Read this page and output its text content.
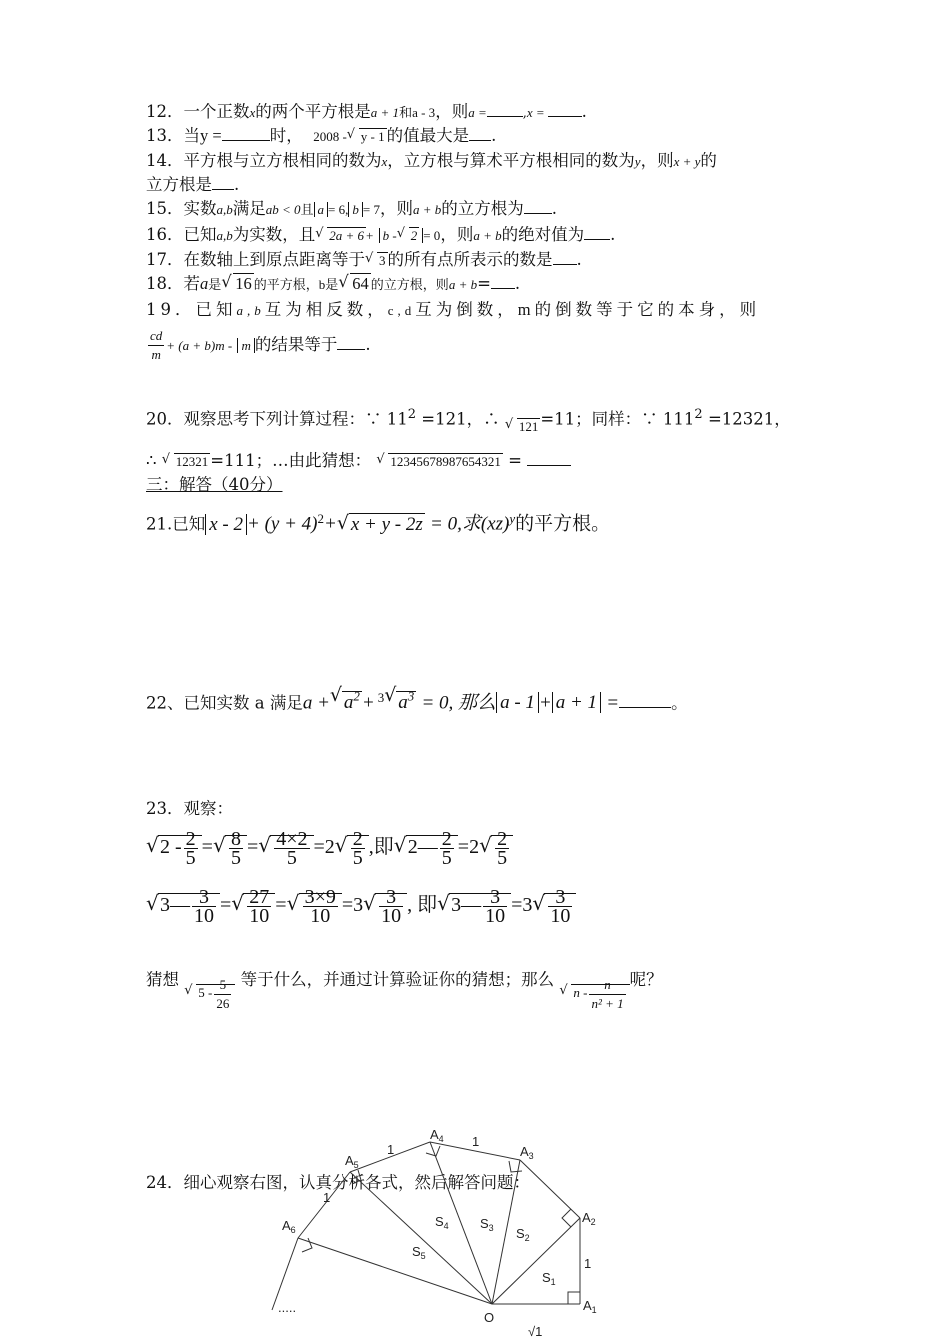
12．一个正数x的两个平方根是a + 1和a - 3，则a =	,x = .
13．当y =	时， 2008 -√ y - 1 的值最大是 .
14．平方根与立方根相同的数为x，立方根与算术平方根相同的数为y，则x + y的
立方根是 .
15．实数a,b满足ab < 0且 a = 6, b = 7，则a + b的立方根为 .
16．已知a,b为实数，且√ 2a + 6 + b -√ 2 = 0，则a + b的绝对值为 .
17．在数轴上到原点距离等于√ 3 的所有点所表示的数是 .
18．若a是√ 16 的平方根，b是√ 64 的立方根，则a + b= .
19．已知a,b互为相反数，c,d互为倒数，m的倒数等于它的本身，则
$\frac{cd}{m} + (a + b)m - m$ 的结果等于 .
20．观察思考下列计算过程：∵ $11^2 =121$，∴ √ 121 =11；同样：∵ $111^2 =12321$，
∴ √ 12321 =111；…由此猜想： √ 12345678987654321 =
三：解答（40分）
21.已知 $x - 2 + (y + 4)^2+√$ x + y - 2z = 0,求(xz)$^y$的平方根。
22、已知实数 a 满足a +√ $a^2 + ^3√$ $a^3 = 0$, 那么 a - 1 + a + 1 =	。
23．观察：
√ $2 - \frac{2}{5}$ =
√ $\frac{8}{5}$ =
√ $\frac{4\times 2}{5} =2$
√ $\frac{2}{5}$ ,即√ 2— $\frac{2}{5} =2$
√ $\frac{2}{5}$
√ 3— $\frac{3}{10}$ =
√ $\frac{27}{10}$ =
√ $\frac{3\times 9}{10} =3$
√ $\frac{3}{10}$ , 即√ 3— $\frac{3}{10} =3$
√ $\frac{3}{10}$
猜想 √ $5 - \frac{5}{26}$ 等于什么，并通过计算验证你的猜想；那么 √ n - $\frac{n}{\text{n² + 1}}$ 呢？
24．细心观察右图，认真分析各式，然后解答问题：
O
$A_1$
$A_2$
$A_3$
$A_4$
$A_5$
$A_6$
$S_1$
$S_2$
$S_3$
$S_4$
$S_5$	1
1
1
1
.....
√1
